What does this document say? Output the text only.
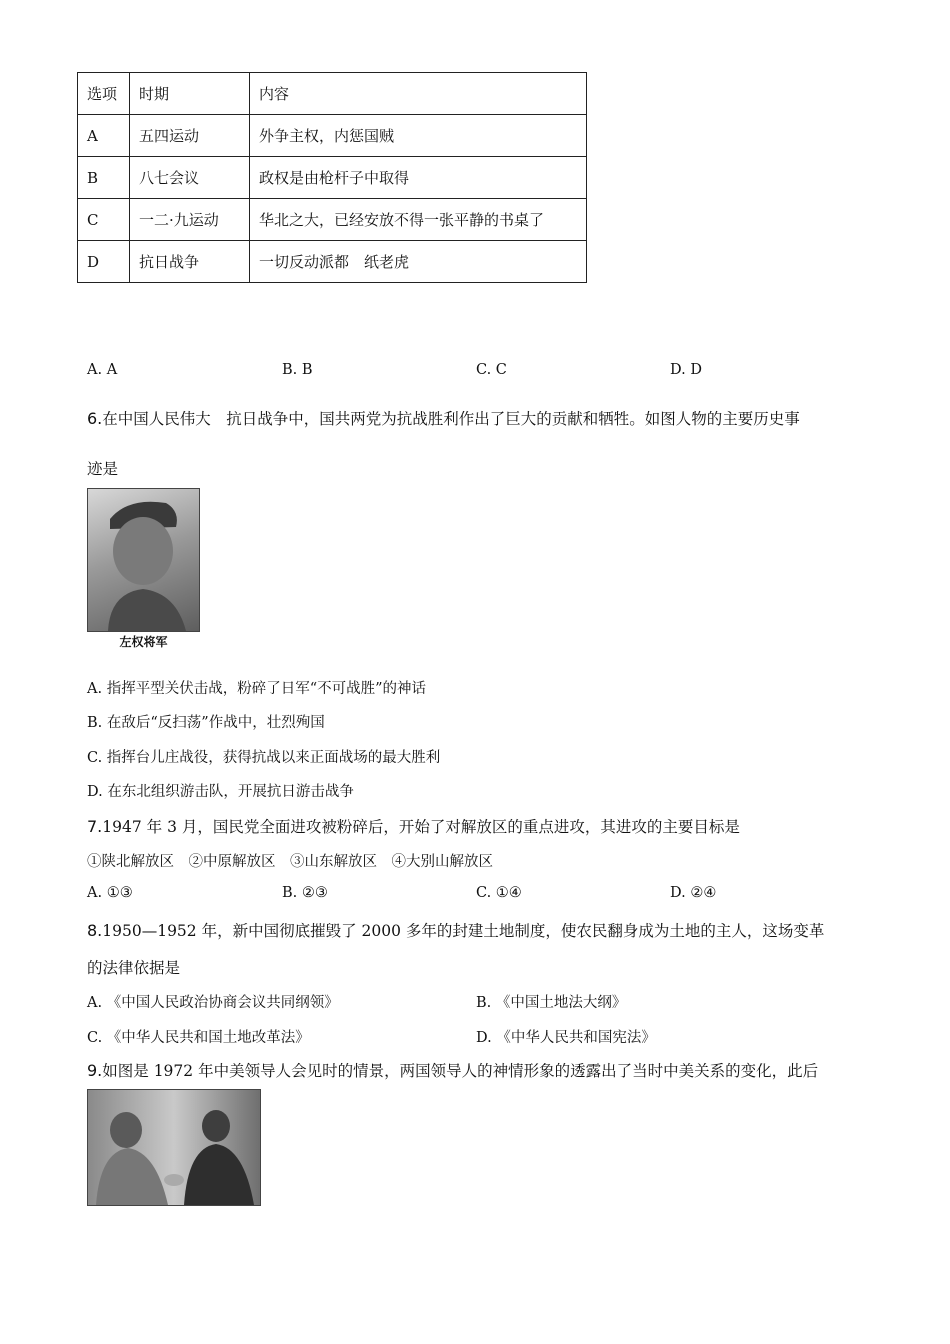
选项	时期	内容
A	五四运动	外争主权，内惩国贼
B	八七会议	政权是由枪杆子中取得
C	一二·九运动	华北之大，已经安放不得一张平静的书桌了
D	抗日战争	一切反动派都　纸老虎
A. A	B. B	C. C	D. D
6.在中国人民伟大　抗日战争中，国共两党为抗战胜利作出了巨大的贡献和牺牲。如图人物的主要历史事
迹是
左权将军
A. 指挥平型关伏击战，粉碎了日军“不可战胜”的神话
B. 在敌后“反扫荡”作战中，壮烈殉国
C. 指挥台儿庄战役，获得抗战以来正面战场的最大胜利
D. 在东北组织游击队，开展抗日游击战争
7.1947 年 3 月，国民党全面进攻被粉碎后，开始了对解放区的重点进攻，其进攻的主要目标是
①陕北解放区　②中原解放区　③山东解放区　④大别山解放区
A. ①③	B. ②③	C. ①④	D. ②④
8.1950—1952 年，新中国彻底摧毁了 2000 多年的封建土地制度，使农民翻身成为土地的主人，这场变革
的法律依据是
A. 《中国人民政治协商会议共同纲领》	B. 《中国土地法大纲》
C. 《中华人民共和国土地改革法》	D. 《中华人民共和国宪法》
9.如图是 1972 年中美领导人会见时的情景，两国领导人的神情形象的透露出了当时中美关系的变化，此后
